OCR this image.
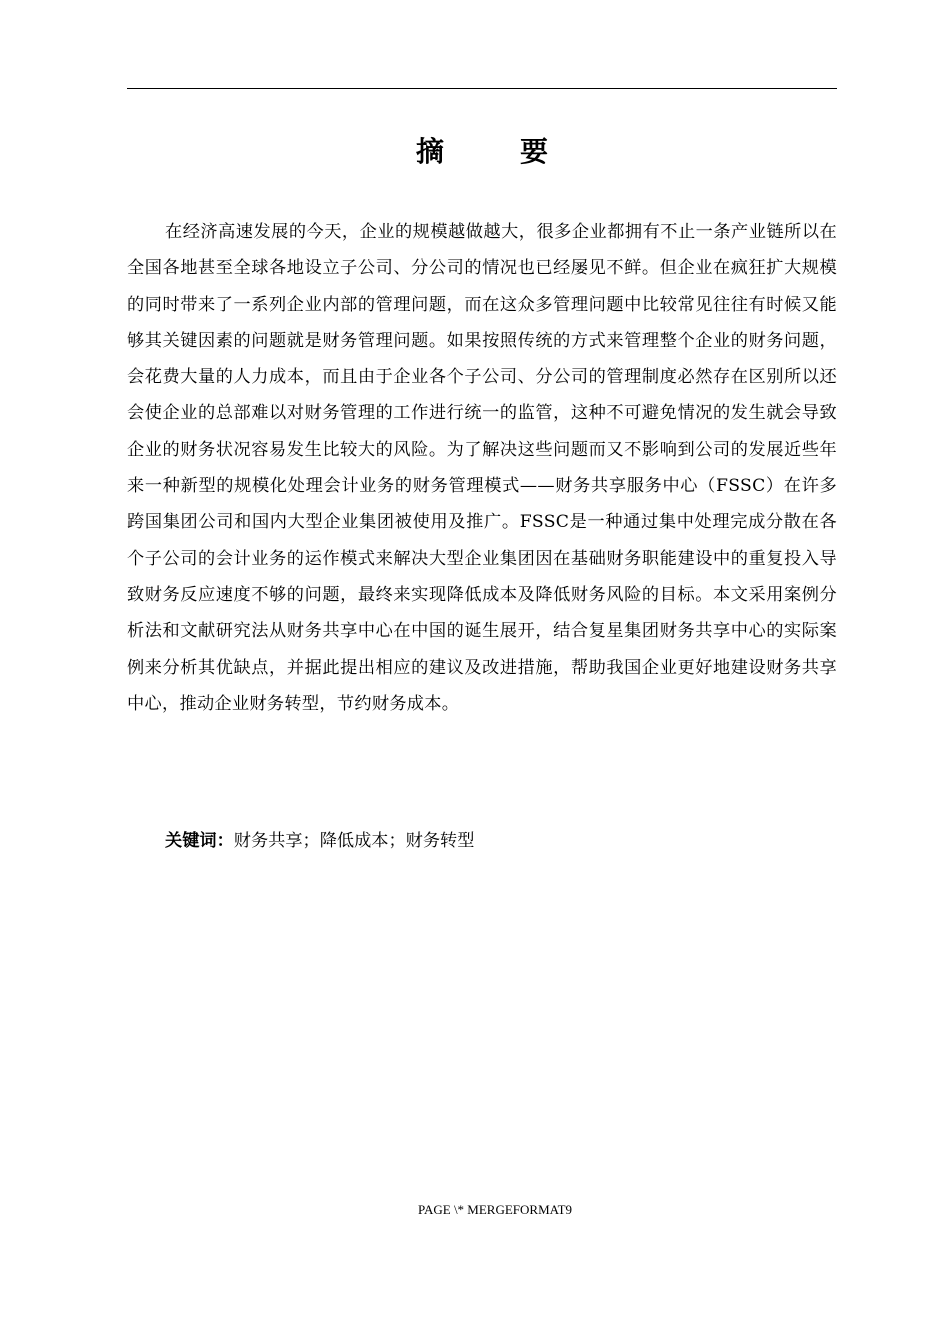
摘　要

在经济高速发展的今天，企业的规模越做越大，很多企业都拥有不止一条产业链所以在全国各地甚至全球各地设立子公司、分公司的情况也已经屡见不鲜。但企业在疯狂扩大规模的同时带来了一系列企业内部的管理问题，而在这众多管理问题中比较常见往往有时候又能够其关键因素的问题就是财务管理问题。如果按照传统的方式来管理整个企业的财务问题，会花费大量的人力成本，而且由于企业各个子公司、分公司的管理制度必然存在区别所以还会使企业的总部难以对财务管理的工作进行统一的监管，这种不可避免情况的发生就会导致企业的财务状况容易发生比较大的风险。为了解决这些问题而又不影响到公司的发展近些年来一种新型的规模化处理会计业务的财务管理模式——财务共享服务中心（FSSC）在许多跨国集团公司和国内大型企业集团被使用及推广。FSSC是一种通过集中处理完成分散在各个子公司的会计业务的运作模式来解决大型企业集团因在基础财务职能建设中的重复投入导致财务反应速度不够的问题，最终来实现降低成本及降低财务风险的目标。本文采用案例分析法和文献研究法从财务共享中心在中国的诞生展开，结合复星集团财务共享中心的实际案例来分析其优缺点，并据此提出相应的建议及改进措施，帮助我国企业更好地建设财务共享中心，推动企业财务转型，节约财务成本。

关键词：财务共享；降低成本；财务转型
PAGE \* MERGEFORMAT9
